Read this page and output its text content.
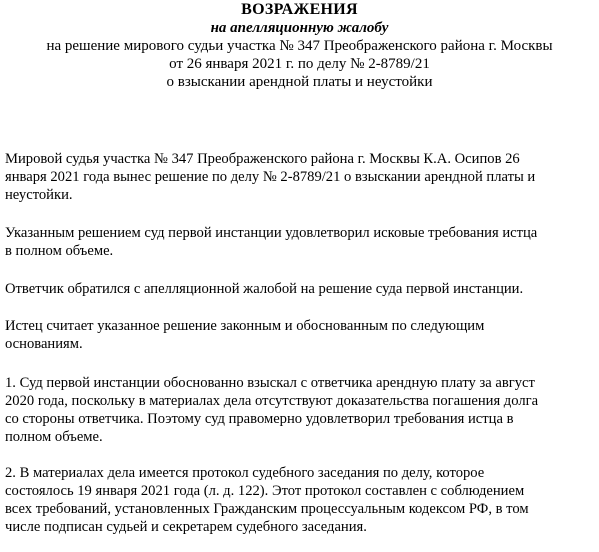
ВОЗРАЖЕНИЯ

на апелляционную жалобу

на решение мирового судьи участка № 347 Преображенского района г. Москвы

от 26 января 2021 г. по делу № 2-8789/21

о взыскании арендной платы и неустойки

Мировой судья участка № 347 Преображенского района г. Москвы К.А. Осипов 26
января 2021 года вынес решение по делу № 2-8789/21 о взыскании арендной платы и
неустойки.

Указанным решением суд первой инстанции удовлетворил исковые требования истца
в полном объеме.

Ответчик обратился с апелляционной жалобой на решение суда первой инстанции.

Истец считает указанное решение законным и обоснованным по следующим
основаниям.

1. Суд первой инстанции обоснованно взыскал с ответчика арендную плату за август
2020 года, поскольку в материалах дела отсутствуют доказательства погашения долга
со стороны ответчика. Поэтому суд правомерно удовлетворил требования истца в
полном объеме.

2. В материалах дела имеется протокол судебного заседания по делу, которое
состоялось 19 января 2021 года (л. д. 122). Этот протокол составлен с соблюдением
всех требований, установленных Гражданским процессуальным кодексом РФ, в том
числе подписан судьей и секретарем судебного заседания.
